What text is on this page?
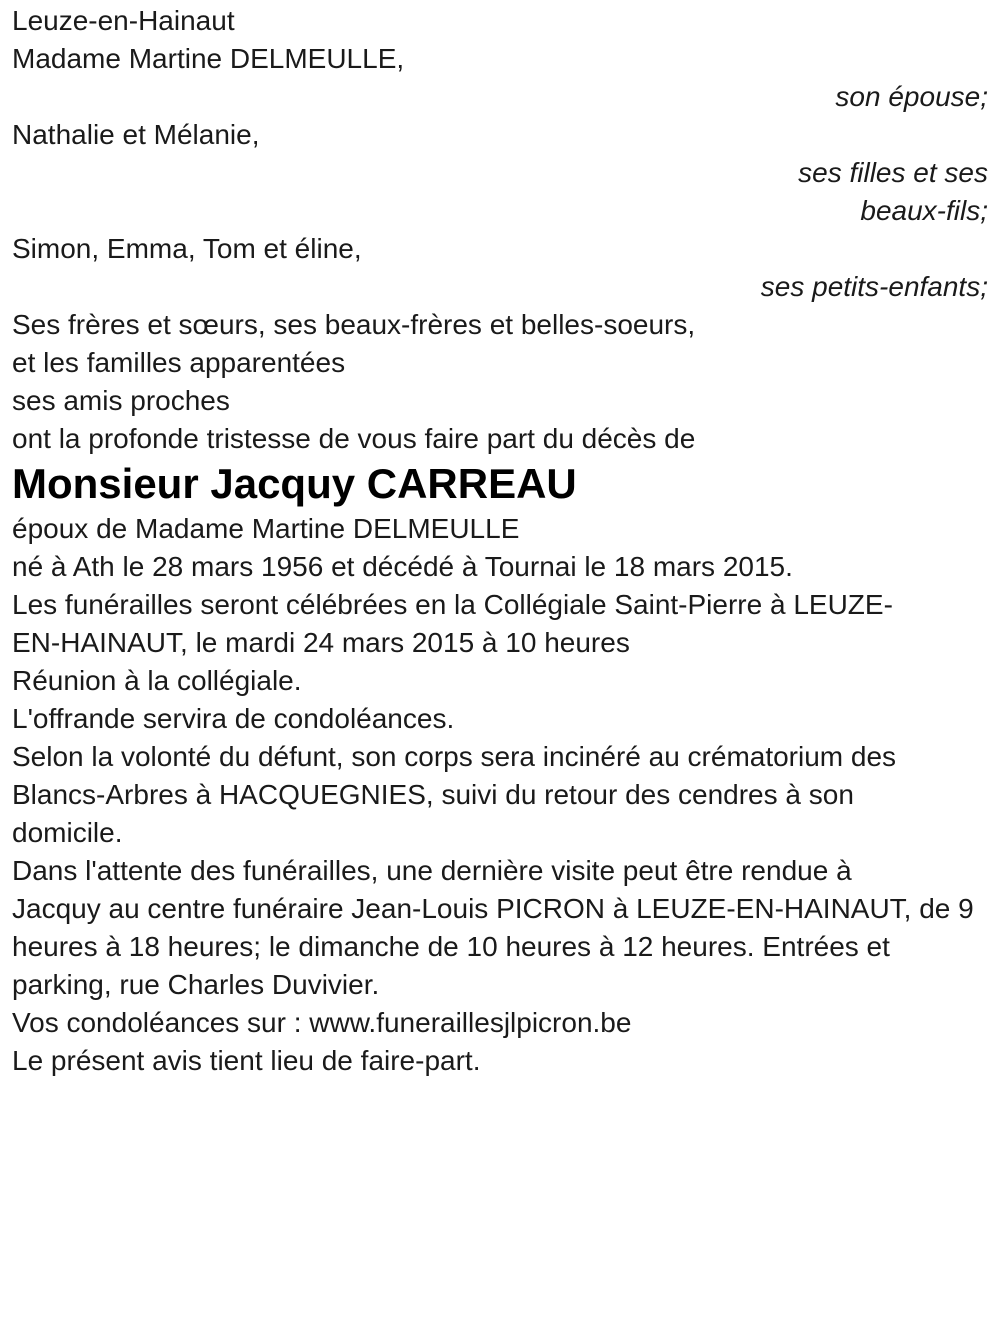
Leuze-en-Hainaut

Madame Martine DELMEULLE,

son épouse;

Nathalie et Mélanie,

ses filles et ses

beaux-fils;

Simon, Emma, Tom et éline,

ses petits-enfants;

Ses frères et sœurs, ses beaux-frères et belles-soeurs,

et les familles apparentées

ses amis proches

ont la profonde tristesse de vous faire part du décès de

Monsieur Jacquy CARREAU

époux de Madame Martine DELMEULLE

né à Ath le 28 mars 1956 et décédé à Tournai le 18 mars 2015.

Les funérailles seront célébrées en la Collégiale Saint-Pierre à LEUZE-

EN-HAINAUT, le mardi 24 mars 2015 à 10 heures

Réunion à la collégiale.

L'offrande servira de condoléances.

Selon la volonté du défunt, son corps sera incinéré au crématorium des

Blancs-Arbres à HACQUEGNIES, suivi du retour des cendres à son

domicile.

Dans l'attente des funérailles, une dernière visite peut être rendue à

Jacquy au centre funéraire Jean-Louis PICRON à LEUZE-EN-HAINAUT, de 9

heures à 18 heures; le dimanche de 10 heures à 12 heures. Entrées et

parking, rue Charles Duvivier.

Vos condoléances sur : www.funeraillesjlpicron.be

Le présent avis tient lieu de faire-part.
